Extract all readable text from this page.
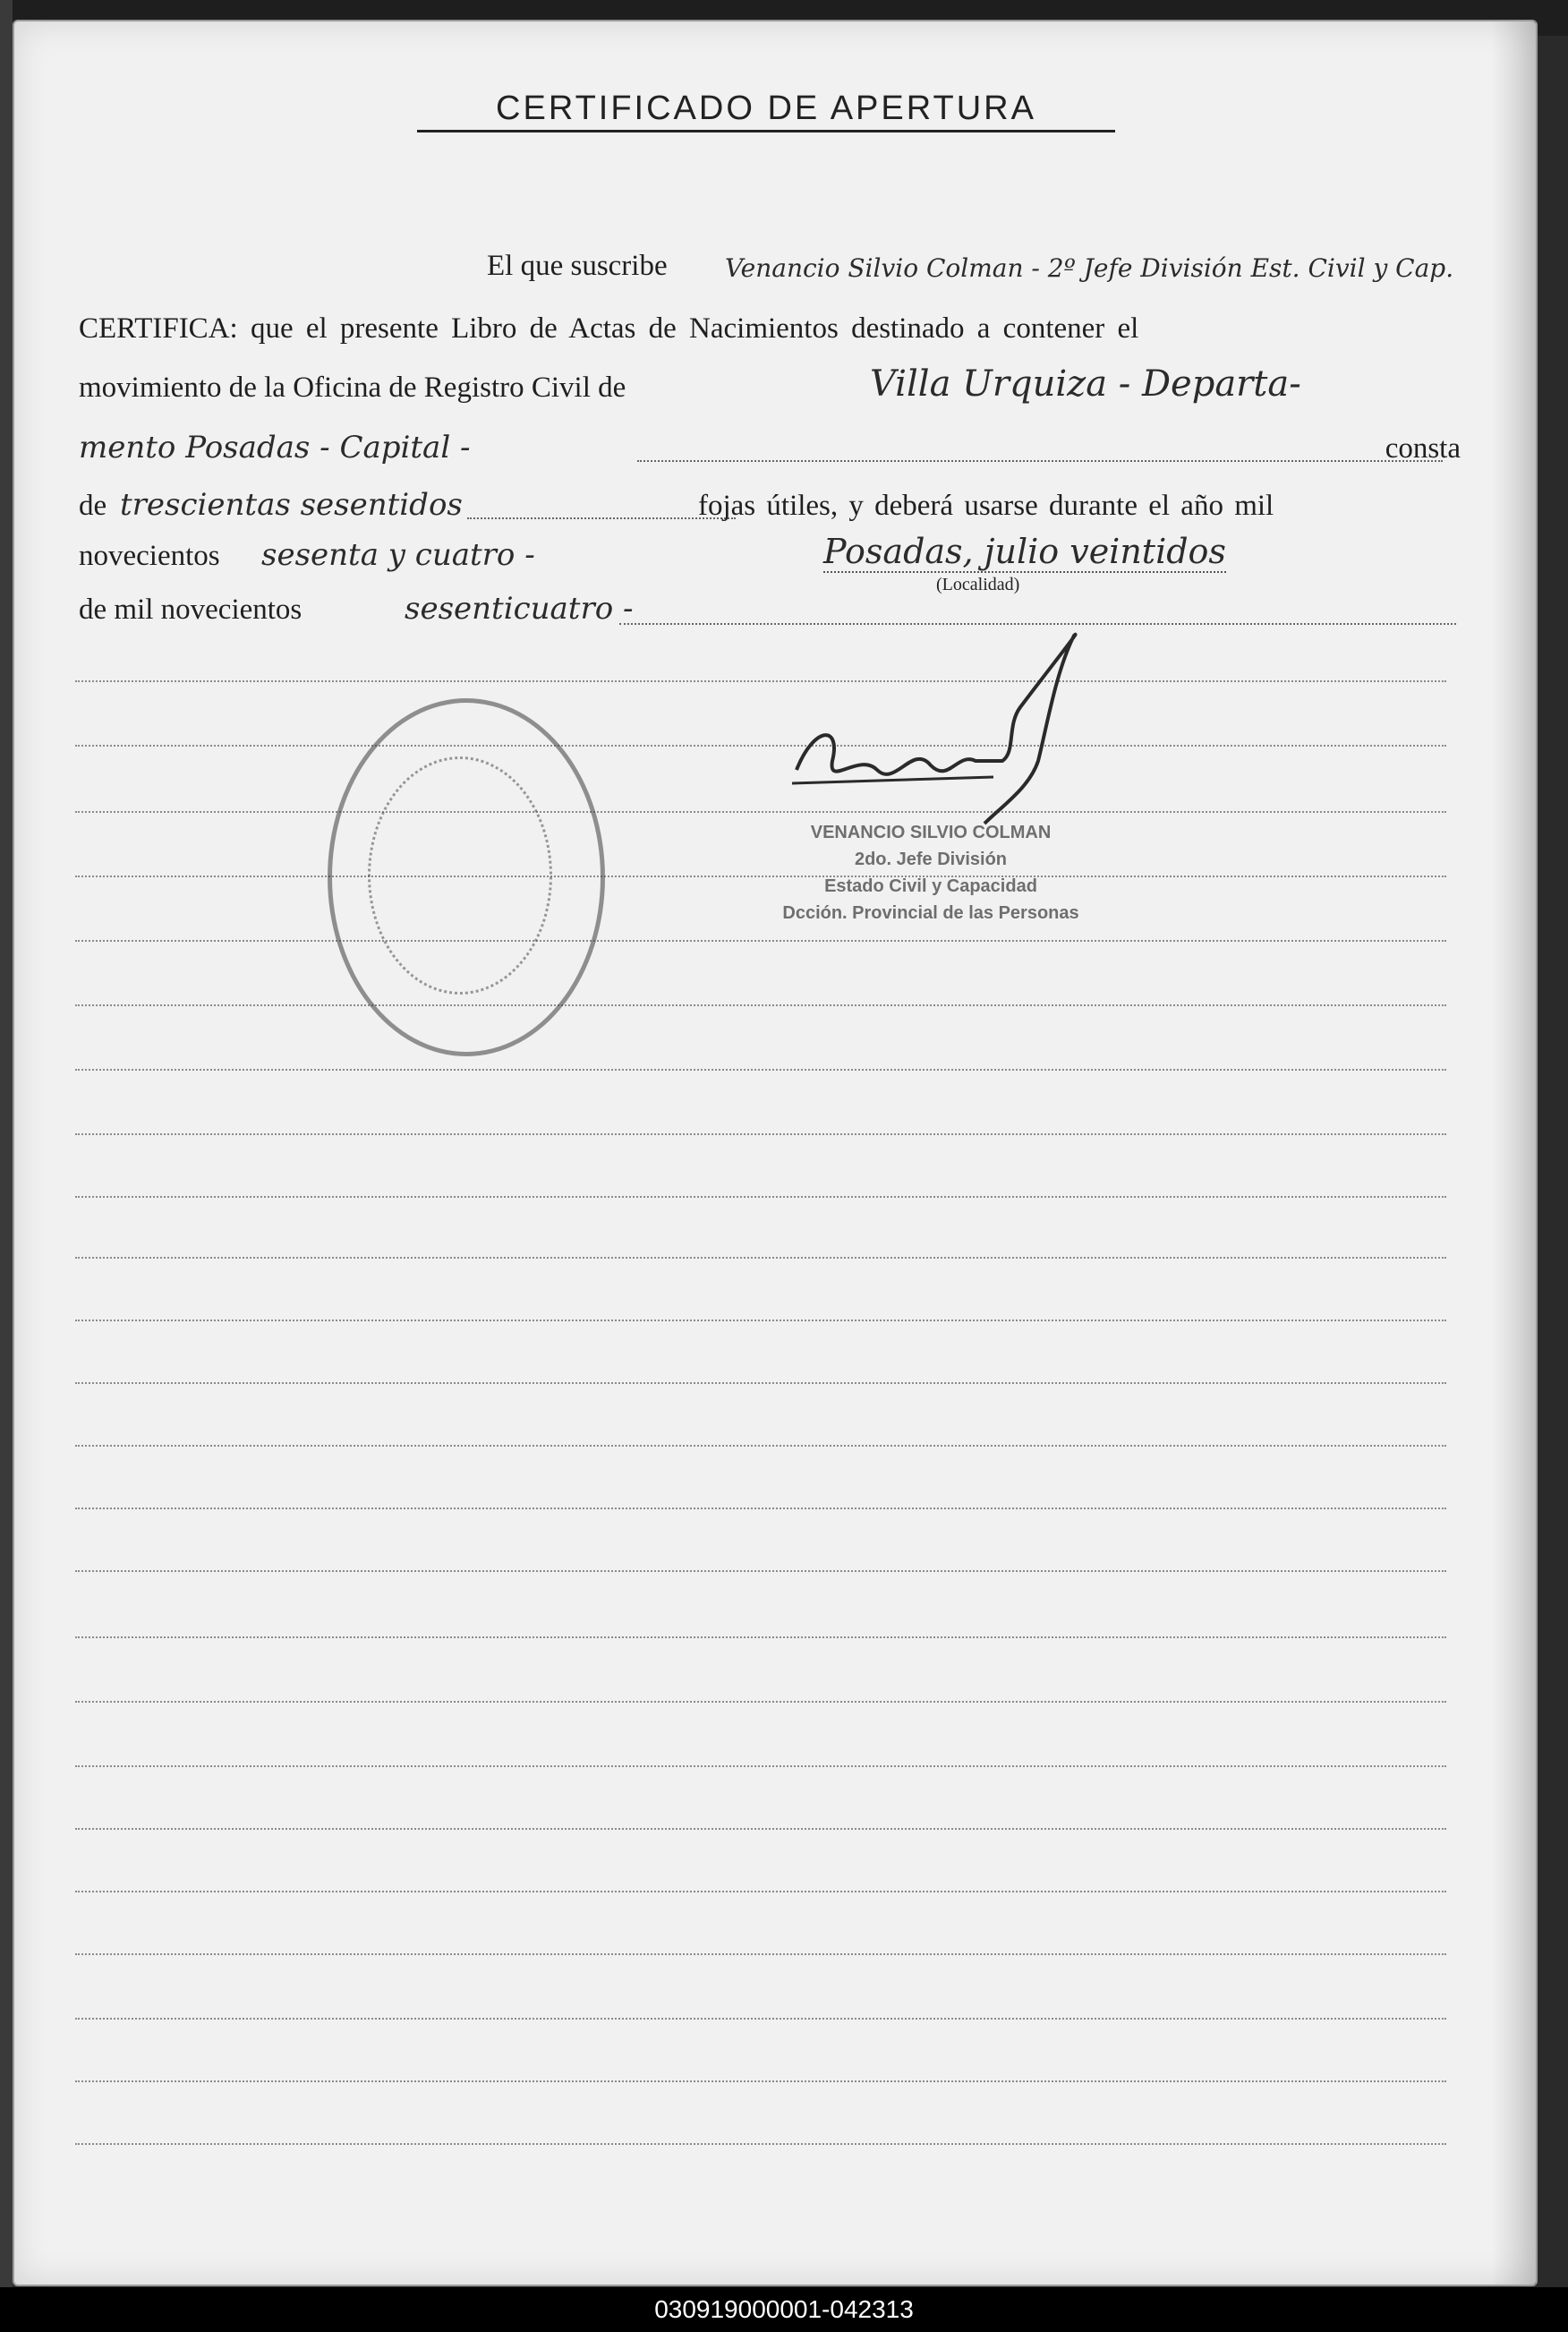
CERTIFICADO DE APERTURA
El que suscribe Venancio Silvio Colman - 2º Jefe División Est. Civil y Cap.
CERTIFICA: que el presente Libro de Actas de Nacimientos destinado a contener el
movimiento de la Oficina de Registro Civil de	Villa Urquiza - Departa-
mento Posadas - Capital -	consta
de trescientas sesentidos	fojas útiles, y deberá usarse durante el año mil
novecientos sesenta y cuatro -	Posadas, julio veintidos
(Localidad)
de mil novecientos	sesenticuatro -
VENANCIO SILVIO COLMAN
2do. Jefe División
Estado Civil y Capacidad
Dcción. Provincial de las Personas
030919000001-042313
